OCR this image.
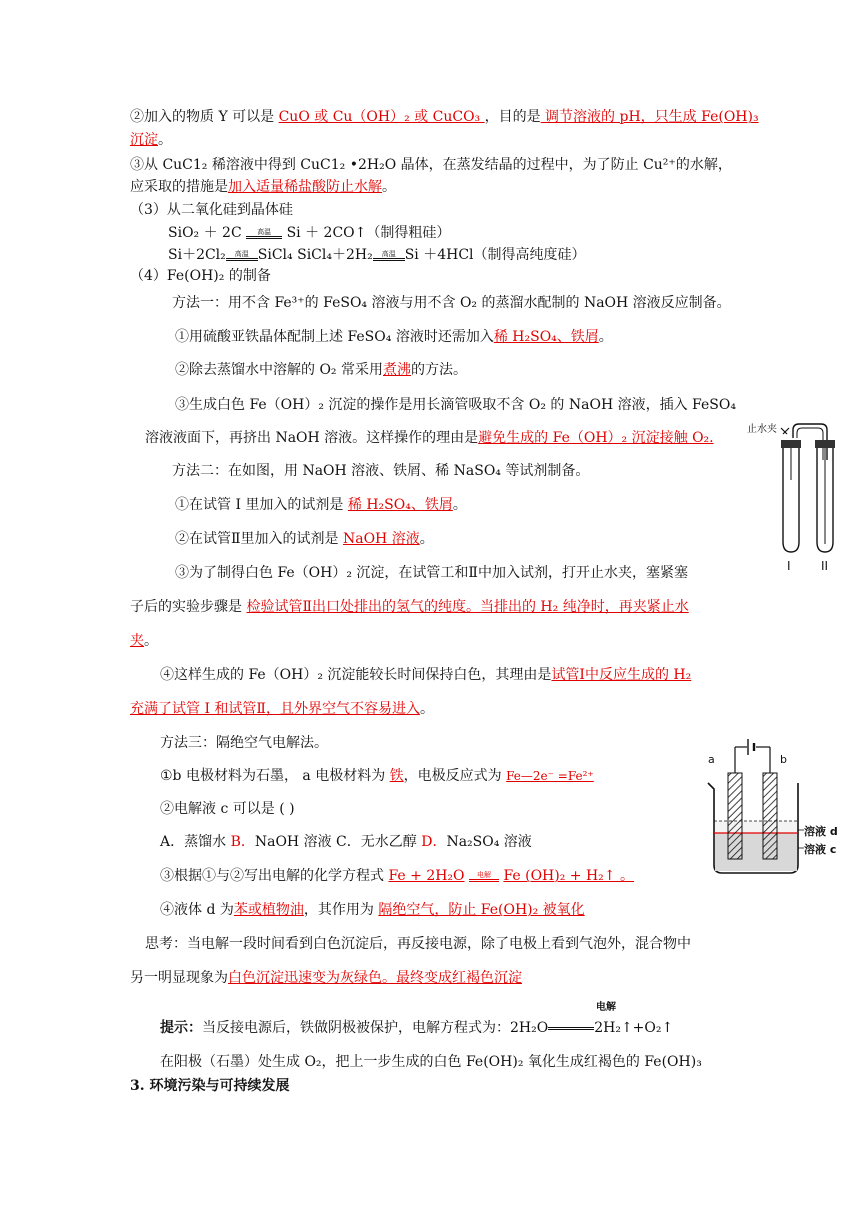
②加入的物质 Y 可以是 CuO 或 Cu（OH）₂ 或 CuCO₃ ，目的是 调节溶液的 pH，只生成 Fe(OH)₃
沉淀。
③从 CuC1₂ 稀溶液中得到 CuC1₂ •2H₂O 晶体，在蒸发结晶的过程中，为了防止 Cu²⁺的水解，
应采取的措施是加入适量稀盐酸防止水解。
（3）从二氧化硅到晶体硅
SiO₂ ＋ 2C	高温	Si ＋ 2CO↑（制得粗硅）
Si＋2Cl₂	高温 SiCl₄ SiCl₄＋2H₂	高温 Si ＋4HCl（制得高纯度硅）
（4）Fe(OH)₂ 的制备
方法一：用不含 Fe³⁺的 FeSO₄ 溶液与用不含 O₂ 的蒸溜水配制的 NaOH 溶液反应制备。
①用硫酸亚铁晶体配制上述 FeSO₄ 溶液时还需加入稀 H₂SO₄、铁屑。
②除去蒸馏水中溶解的 O₂ 常采用煮沸的方法。
③生成白色 Fe（OH）₂ 沉淀的操作是用长滴管吸取不含 O₂ 的 NaOH 溶液，插入 FeSO₄
溶液液面下，再挤出 NaOH 溶液。这样操作的理由是避免生成的 Fe（OH）₂ 沉淀接触 O₂.
方法二：在如图，用 NaOH 溶液、铁屑、稀 NaSO₄ 等试剂制备。
①在试管 I 里加入的试剂是 稀 H₂SO₄、铁屑。
②在试管Ⅱ里加入的试剂是 NaOH 溶液。
③为了制得白色 Fe（OH）₂ 沉淀，在试管工和Ⅱ中加入试剂，打开止水夹，塞紧塞
子后的实验步骤是 检验试管Ⅱ出口处排出的氢气的纯度。当排出的 H₂ 纯净时，再夹紧止水
夹。
④这样生成的 Fe（OH）₂ 沉淀能较长时间保持白色，其理由是试管Ⅰ中反应生成的 H₂
充满了试管 I 和试管Ⅱ，且外界空气不容易进入。
方法三：隔绝空气电解法。
①b 电极材料为石墨， a 电极材料为 铁，电极反应式为 Fe—2e⁻ =Fe²⁺
②电解液 c 可以是 ( )
A．蒸馏水 B．NaOH 溶液 C．无水乙醇 D．Na₂SO₄ 溶液
③根据①与②写出电解的化学方程式 Fe + 2H₂O	电解 Fe (OH)₂ + H₂↑ 。
④液体 d 为苯或植物油，其作用为 隔绝空气，防止 Fe(OH)₂ 被氧化
思考：当电解一段时间看到白色沉淀后，再反接电源，除了电极上看到气泡外，混合物中
另一明显现象为白色沉淀迅速变为灰绿色。最终变成红褐色沉淀
电解
提示：当反接电源后，铁做阴极被保护，电解方程式为：2H₂O	2H₂↑+O₂↑
在阳极（石墨）处生成 O₂，把上一步生成的白色 Fe(OH)₂ 氧化生成红褐色的 Fe(OH)₃
3. 环境污染与可持续发展
止水夹
I	II
a	b
溶液 d
溶液 c
